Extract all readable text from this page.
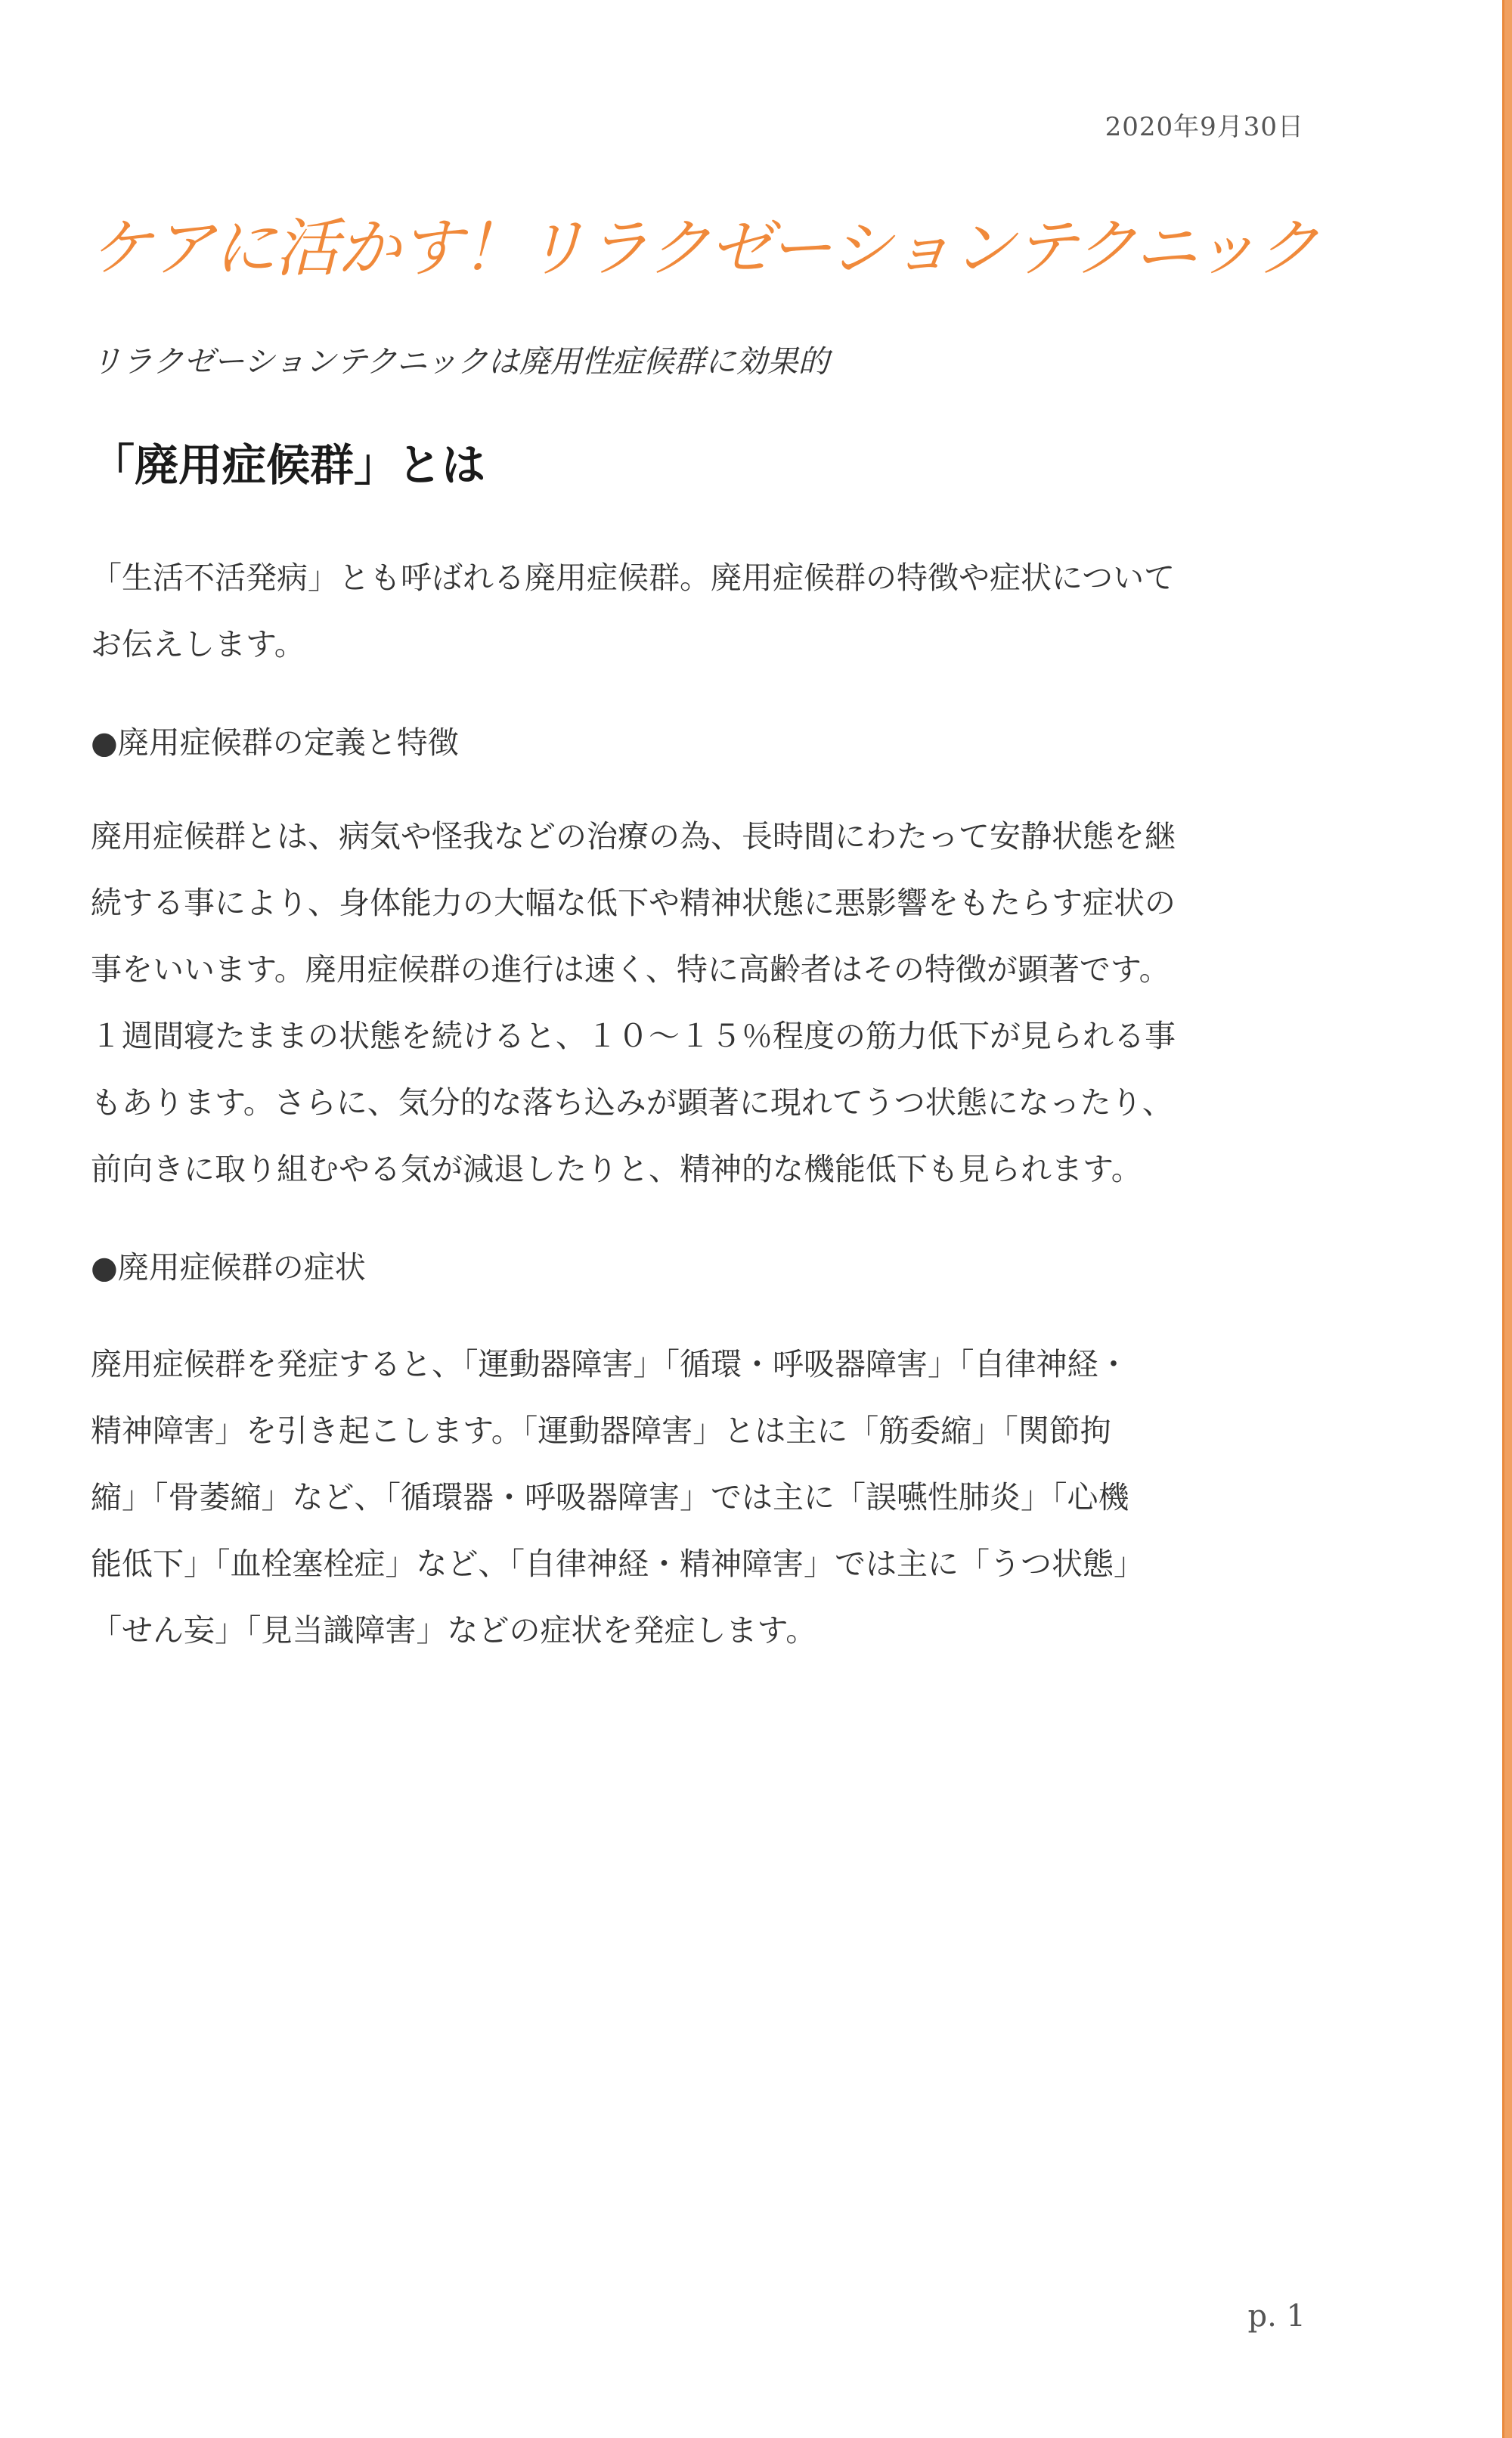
2020年9月30日
ケアに活かす！リラクゼーションテクニック
リラクゼーションテクニックは廃用性症候群に効果的
「廃用症候群」とは

「生活不活発病」とも呼ばれる廃用症候群。廃用症候群の特徴や症状について
お伝えします。

●廃用症候群の定義と特徴

廃用症候群とは、病気や怪我などの治療の為、長時間にわたって安静状態を継
続する事により、身体能力の大幅な低下や精神状態に悪影響をもたらす症状の
事をいいます。廃用症候群の進行は速く、特に高齢者はその特徴が顕著です。
１週間寝たままの状態を続けると、１０～１５％程度の筋力低下が見られる事
もあります。さらに、気分的な落ち込みが顕著に現れてうつ状態になったり、
前向きに取り組むやる気が減退したりと、精神的な機能低下も見られます。

●廃用症候群の症状

廃用症候群を発症すると、「運動器障害」「循環・呼吸器障害」「自律神経・
精神障害」を引き起こします。「運動器障害」とは主に「筋委縮」「関節拘
縮」「骨萎縮」など、「循環器・呼吸器障害」では主に「誤嚥性肺炎」「心機
能低下」「血栓塞栓症」など、「自律神経・精神障害」では主に「うつ状態」
「せん妄」「見当識障害」などの症状を発症します。

p. 1
